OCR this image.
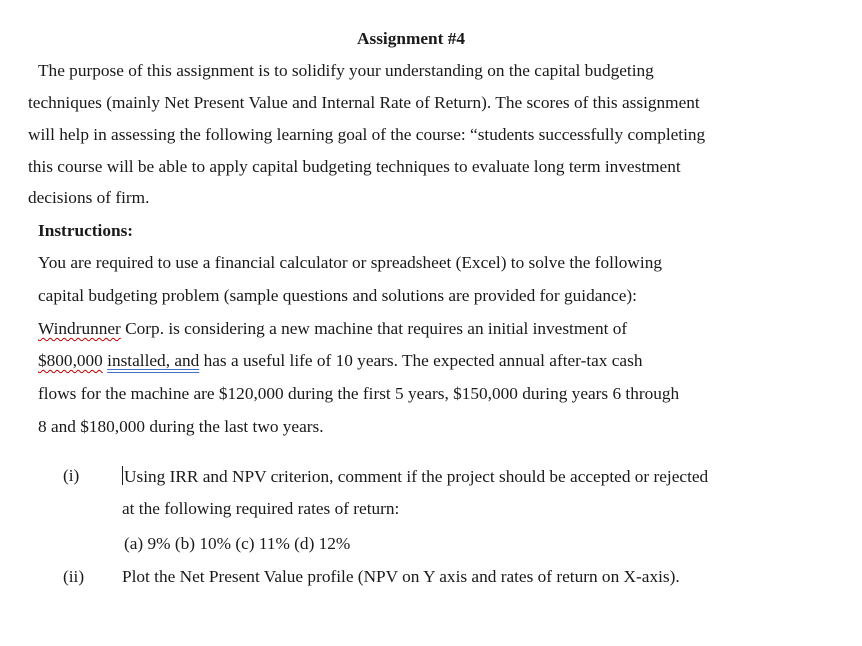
Assignment #4
The purpose of this assignment is to solidify your understanding on the capital budgeting
techniques (mainly Net Present Value and Internal Rate of Return). The scores of this assignment
will help in assessing the following learning goal of the course: “students successfully completing
this course will be able to apply capital budgeting techniques to evaluate long term investment
decisions of firm.
Instructions:
You are required to use a financial calculator or spreadsheet (Excel) to solve the following
capital budgeting problem (sample questions and solutions are provided for guidance):
Windrunner Corp. is considering a new machine that requires an initial investment of
$800,000 installed, and has a useful life of 10 years. The expected annual after-tax cash
flows for the machine are $120,000 during the first 5 years, $150,000 during years 6 through
8 and $180,000 during the last two years.
(i)	Using IRR and NPV criterion, comment if the project should be accepted or rejected
at the following required rates of return:
(a) 9% (b) 10% (c) 11% (d) 12%
(ii) Plot the Net Present Value profile (NPV on Y axis and rates of return on X-axis).
